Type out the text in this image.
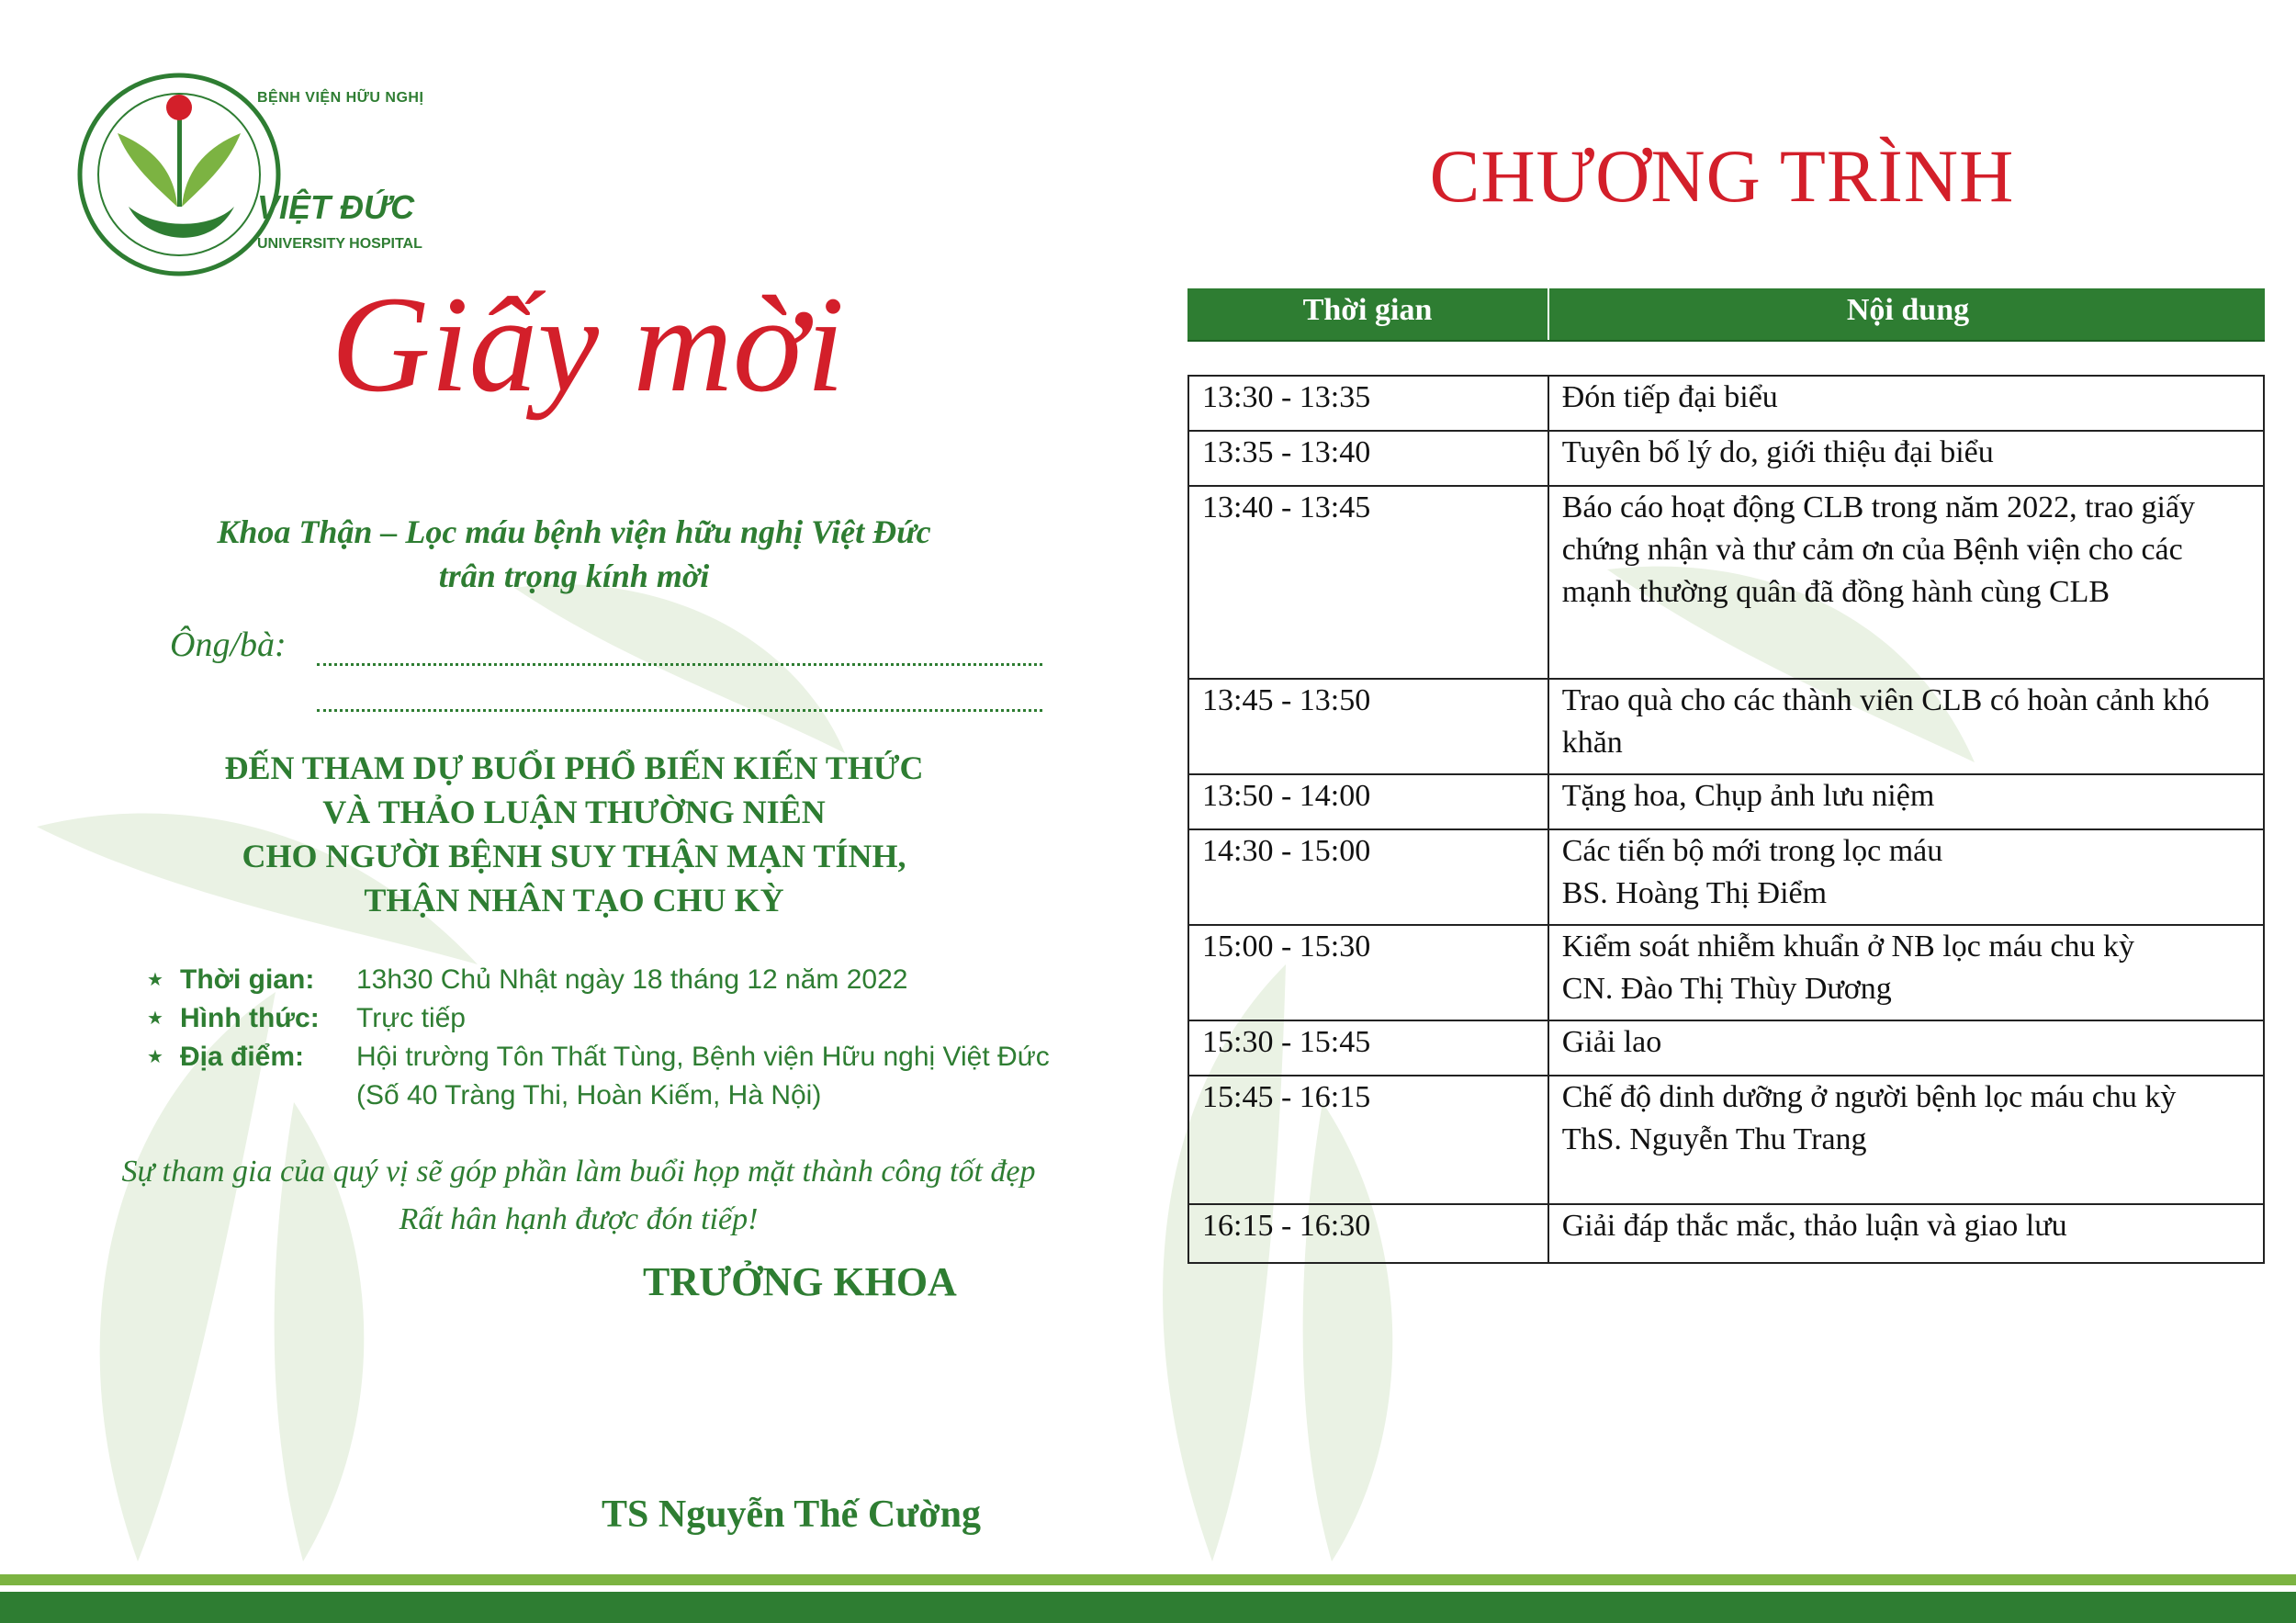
BỆNH VIỆN HỮU NGHỊ
VIỆT ĐỨC
UNIVERSITY HOSPITAL
Giấy mời
Khoa Thận – Lọc máu bệnh viện hữu nghị Việt Đức
trân trọng kính mời
Ông/bà:
ĐẾN THAM DỰ BUỔI PHỔ BIẾN KIẾN THỨC
VÀ THẢO LUẬN THƯỜNG NIÊN
CHO NGƯỜI BỆNH SUY THẬN MẠN TÍNH,
THẬN NHÂN TẠO CHU KỲ
★ Thời gian: 13h30 Chủ Nhật ngày 18 tháng 12 năm 2022
★ Hình thức: Trực tiếp
★ Địa điểm: Hội trường Tôn Thất Tùng, Bệnh viện Hữu nghị Việt Đức
(Số 40 Tràng Thi, Hoàn Kiếm, Hà Nội)
Sự tham gia của quý vị sẽ góp phần làm buổi họp mặt thành công tốt đẹp
Rất hân hạnh được đón tiếp!
TRƯỞNG KHOA
TS Nguyễn Thế Cường
CHƯƠNG TRÌNH
Thời gian	Nội dung
13:30 - 13:35	Đón tiếp đại biểu
13:35 - 13:40	Tuyên bố lý do, giới thiệu đại biểu
13:40 - 13:45	Báo cáo hoạt động CLB trong năm 2022, trao giấy chứng nhận và thư cảm ơn của Bệnh viện cho các mạnh thường quân đã đồng hành cùng CLB
13:45 - 13:50	Trao quà cho các thành viên CLB có hoàn cảnh khó khăn
13:50 - 14:00	Tặng hoa, Chụp ảnh lưu niệm
14:30 - 15:00	Các tiến bộ mới trong lọc máu
BS. Hoàng Thị Điểm

15:00 - 15:30	Kiểm soát nhiễm khuẩn ở NB lọc máu chu kỳ
CN. Đào Thị Thùy Dương

15:30 - 15:45	Giải lao
15:45 - 16:15	Chế độ dinh dưỡng ở người bệnh lọc máu chu kỳ
ThS. Nguyễn Thu Trang

16:15 - 16:30	Giải đáp thắc mắc, thảo luận và giao lưu
